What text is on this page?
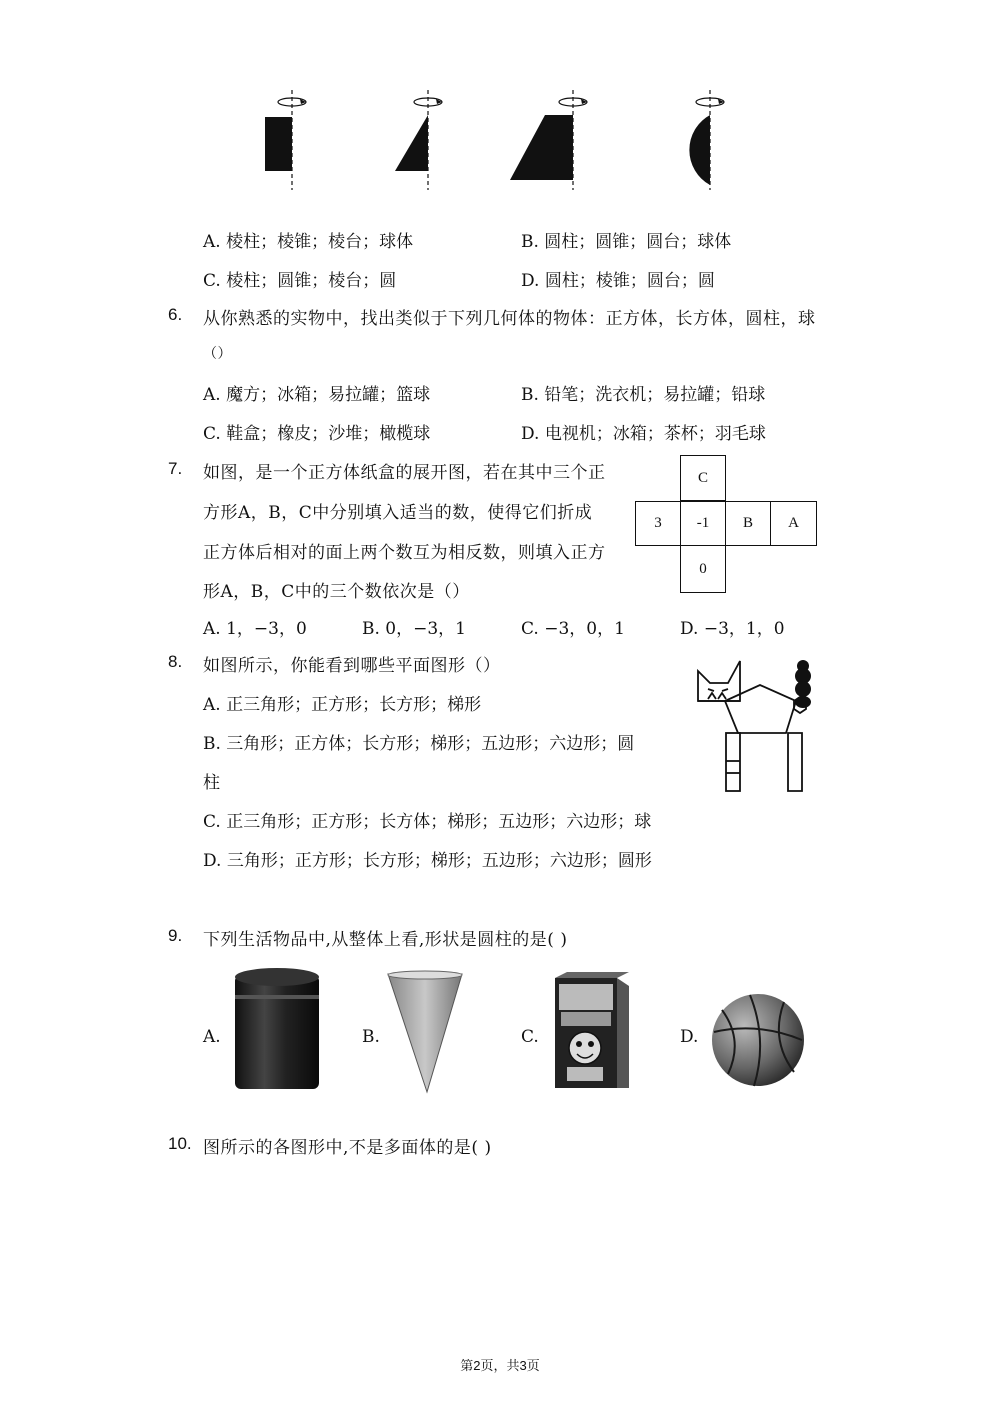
A. 棱柱；棱锥；棱台；球体	B. 圆柱；圆锥；圆台；球体
C. 棱柱；圆锥；棱台；圆	D. 圆柱；棱锥；圆台；圆
6. 从你熟悉的实物中，找出类似于下列几何体的物体：正方体，长方体，圆柱，球
（）
A. 魔方；冰箱；易拉罐；篮球	B. 铅笔；洗衣机；易拉罐；铅球
C. 鞋盒；橡皮；沙堆；橄榄球	D. 电视机；冰箱；茶杯；羽毛球
7. 如图，是一个正方体纸盒的展开图，若在其中三个正
方形A，B，C中分别填入适当的数，使得它们折成
正方体后相对的面上两个数互为相反数，则填入正方
形A，B，C中的三个数依次是（）
C
3	-1	B	A
0
A. 1，−3，0	B. 0，−3，1	C. −3，0，1	D. −3，1，0
8. 如图所示，你能看到哪些平面图形（）
A. 正三角形；正方形；长方形；梯形
B. 三角形；正方体；长方形；梯形；五边形；六边形；圆
柱
C. 正三角形；正方形；长方体；梯形；五边形；六边形；球
D. 三角形；正方形；长方形；梯形；五边形；六边形；圆形
9. 下列生活物品中,从整体上看,形状是圆柱的是( )
A.	B.	C.	D.
10. 图所示的各图形中,不是多面体的是( )
第2页，共3页
